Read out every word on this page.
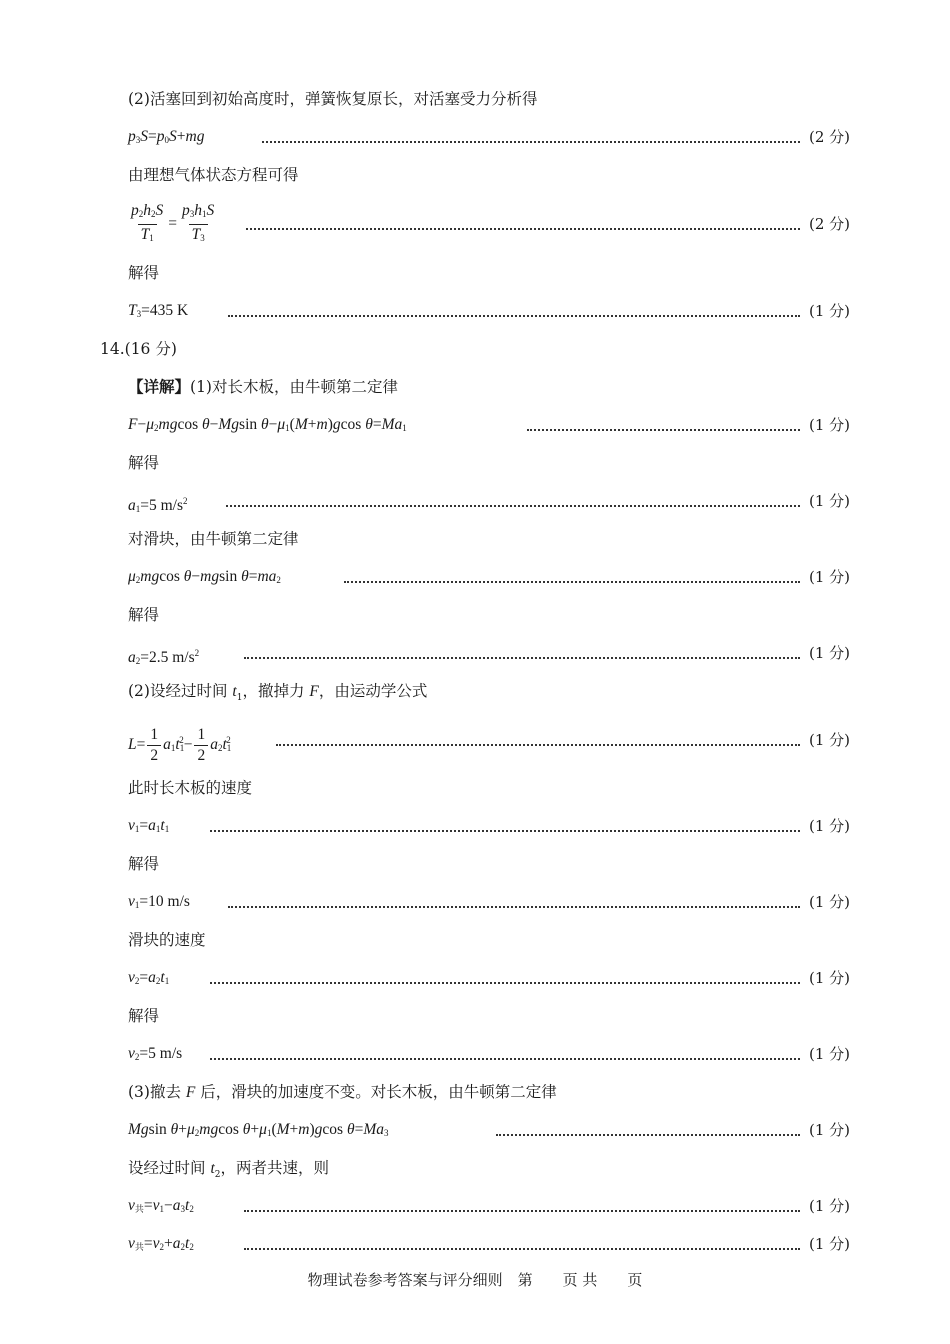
(2)活塞回到初始高度时，弹簧恢复原长，对活塞受力分析得
$p_3S=p_0S+mg$	(2 分)
由理想气体状态方程可得
$\frac{p_2h_2S}{T_1} = \frac{p_3h_1S}{T_3}$	(2 分)
解得
$T_3=435$ K	(1 分)
14.(16 分)
【详解】(1)对长木板，由牛顿第二定律
$F-\mu_2mgcos$ θ−Mgsin $\theta-\mu_1(M+m)gcos$ $\theta=Ma_1$	(1 分)
解得
$a_1=5$ $m/s^2$	(1 分)
对滑块，由牛顿第二定律
$\mu_2mgcos$ θ−mgsin $\theta=ma_2$	(1 分)
解得
$a_2=2.5$ $m/s^2$	(1 分)
(2)设经过时间 $t_1$，撤掉力 F，由运动学公式
$L= \frac{1}{2} a_1t_1^2- \frac{1}{2} a_2t_1^2$	(1 分)
此时长木板的速度
$v_1=a_1t_1$	(1 分)
解得
$v_1=10$ m/s	(1 分)
滑块的速度
$v_2=a_2t_1$	(1 分)
解得
$v_2=5$ m/s	(1 分)
(3)撤去 F 后，滑块的加速度不变。对长木板，由牛顿第二定律
Mgsin $\theta+\mu_2mgcos$ $\theta+\mu_1(M+m)gcos$ $\theta=Ma_3$	(1 分)
设经过时间 $t_2$，两者共速，则
$v_共=v_1-a_3t_2$	(1 分)
$v_共=v_2+a_2t_2$	(1 分)
物理试卷参考答案与评分细则　第　　页 共　　页
